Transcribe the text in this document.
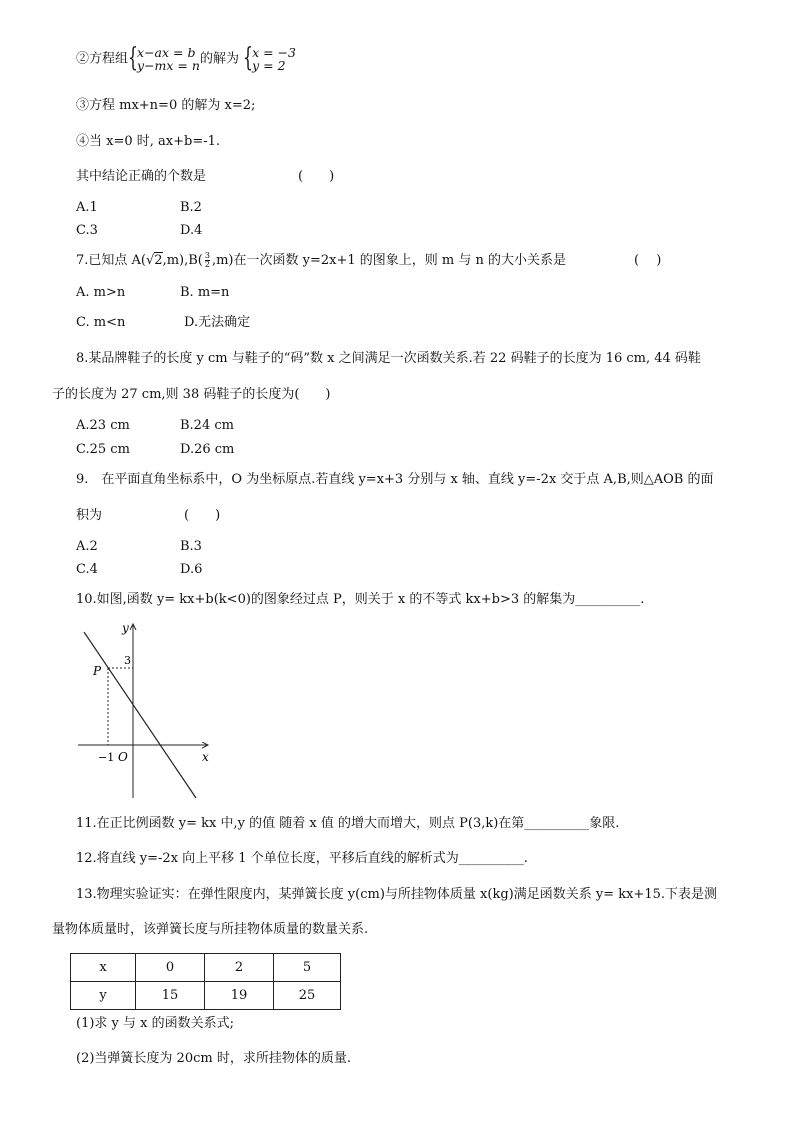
②方程组 { x−ax = b
y−mx = n 的解为 { x = −3
y = 2
③方程 mx+n=0 的解为 x=2;
④当 x=0 时, ax+b=-1.
其中结论正确的个数是	(　　)
A.1	B.2
C.3	D.4
7.已知点 $A(√2,m),B( \frac{3}{2} ,m)$在一次函数 y=2x+1 的图象上，则 m 与 n 的大小关系是	(　 )
A. m>n	B. m=n
C. m<n	D.无法确定
8.某品牌鞋子的长度 y cm 与鞋子的“码”数 x 之间满足一次函数关系.若 22 码鞋子的长度为 16 cm, 44 码鞋
子的长度为 27 cm,则 38 码鞋子的长度为(　　)
A.23 cm	B.24 cm
C.25 cm	D.26 cm
9.　在平面直角坐标系中，O 为坐标原点.若直线 y=x+3 分别与 x 轴、直线 y=-2x 交于点 A,B,则△AOB 的面
积为	(　　)
A.2	B.3
C.4	D.6
10.如图,函数 y= kx+b(k<0)的图象经过点 P，则关于 x 的不等式 kx+b>3 的解集为__________.
y
x
O
P
3
−1
11.在正比例函数 y= kx 中,y 的值 随着 x 值 的增大而增大，则点 P(3,k)在第__________象限.
12.将直线 y=-2x 向上平移 1 个单位长度，平移后直线的解析式为__________.
13.物理实验证实：在弹性限度内，某弹簧长度 y(cm)与所挂物体质量 x(kg)满足函数关系 y= kx+15.下表是测
量物体质量时，该弹簧长度与所挂物体质量的数量关系.
x	0	2	5
y	15	19	25
(1)求 y 与 x 的函数关系式;
(2)当弹簧长度为 20cm 时，求所挂物体的质量.
